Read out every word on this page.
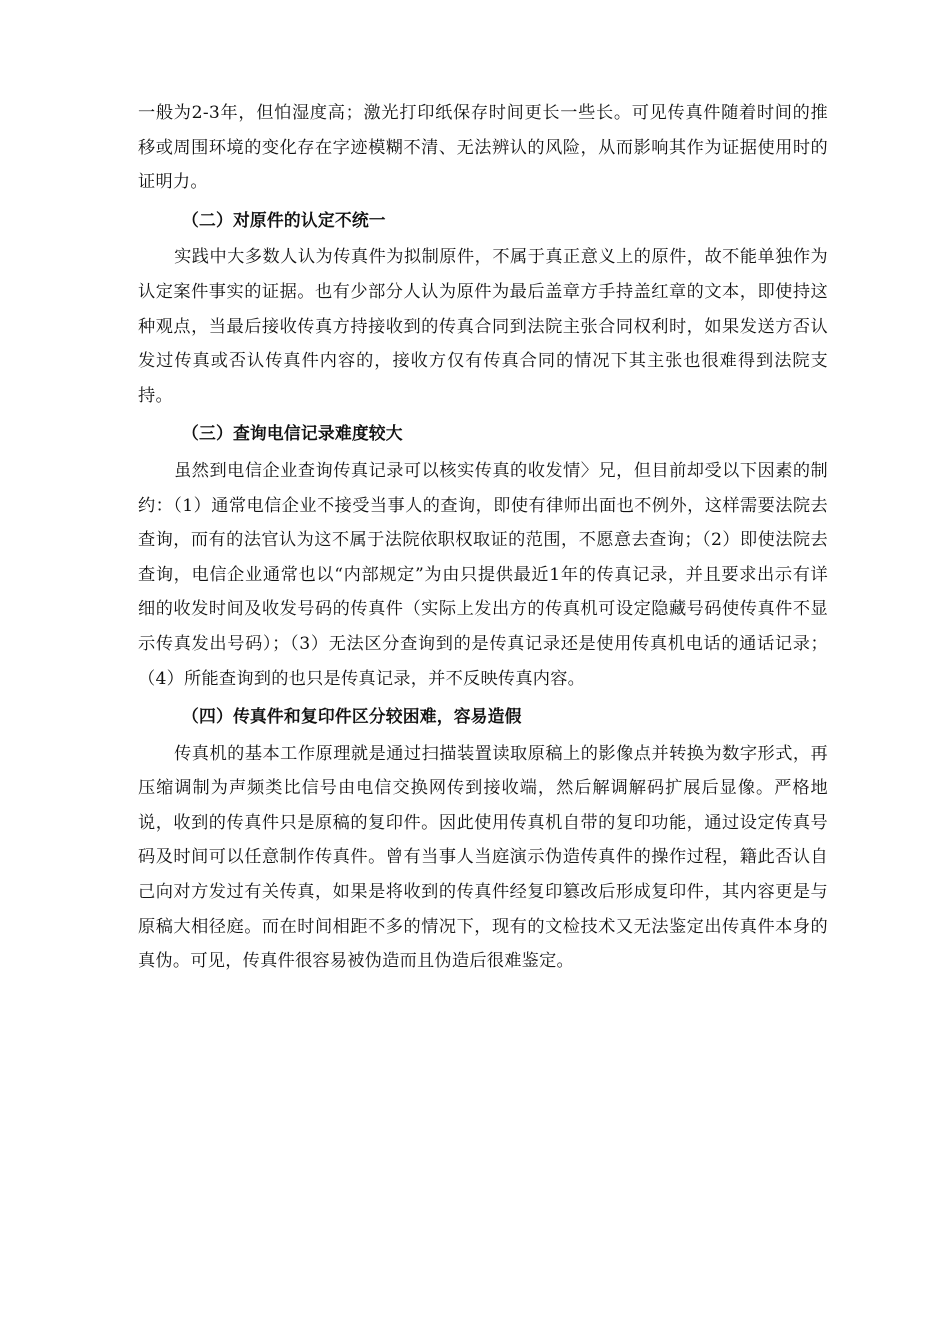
一般为2-3年，但怕湿度高；激光打印纸保存时间更长一些长。可见传真件随着时间的推移或周围环境的变化存在字迹模糊不清、无法辨认的风险，从而影响其作为证据使用时的证明力。

（二）对原件的认定不统一

实践中大多数人认为传真件为拟制原件，不属于真正意义上的原件，故不能单独作为认定案件事实的证据。也有少部分人认为原件为最后盖章方手持盖红章的文本，即使持这种观点，当最后接收传真方持接收到的传真合同到法院主张合同权利时，如果发送方否认发过传真或否认传真件内容的，接收方仅有传真合同的情况下其主张也很难得到法院支持。

（三）查询电信记录难度较大

虽然到电信企业查询传真记录可以核实传真的收发情〉兄，但目前却受以下因素的制约：（1）通常电信企业不接受当事人的查询，即使有律师出面也不例外，这样需要法院去查询，而有的法官认为这不属于法院依职权取证的范围，不愿意去查询；（2）即使法院去查询，电信企业通常也以“内部规定”为由只提供最近1年的传真记录，并且要求出示有详细的收发时间及收发号码的传真件（实际上发出方的传真机可设定隐藏号码使传真件不显示传真发出号码）；（3）无法区分查询到的是传真记录还是使用传真机电话的通话记录；（4）所能查询到的也只是传真记录，并不反映传真内容。

（四）传真件和复印件区分较困难，容易造假

传真机的基本工作原理就是通过扫描装置读取原稿上的影像点并转换为数字形式，再压缩调制为声频类比信号由电信交换网传到接收端，然后解调解码扩展后显像。严格地说，收到的传真件只是原稿的复印件。因此使用传真机自带的复印功能，通过设定传真号码及时间可以任意制作传真件。曾有当事人当庭演示伪造传真件的操作过程，籍此否认自己向对方发过有关传真，如果是将收到的传真件经复印篡改后形成复印件，其内容更是与原稿大相径庭。而在时间相距不多的情况下，现有的文检技术又无法鉴定出传真件本身的真伪。可见，传真件很容易被伪造而且伪造后很难鉴定。
